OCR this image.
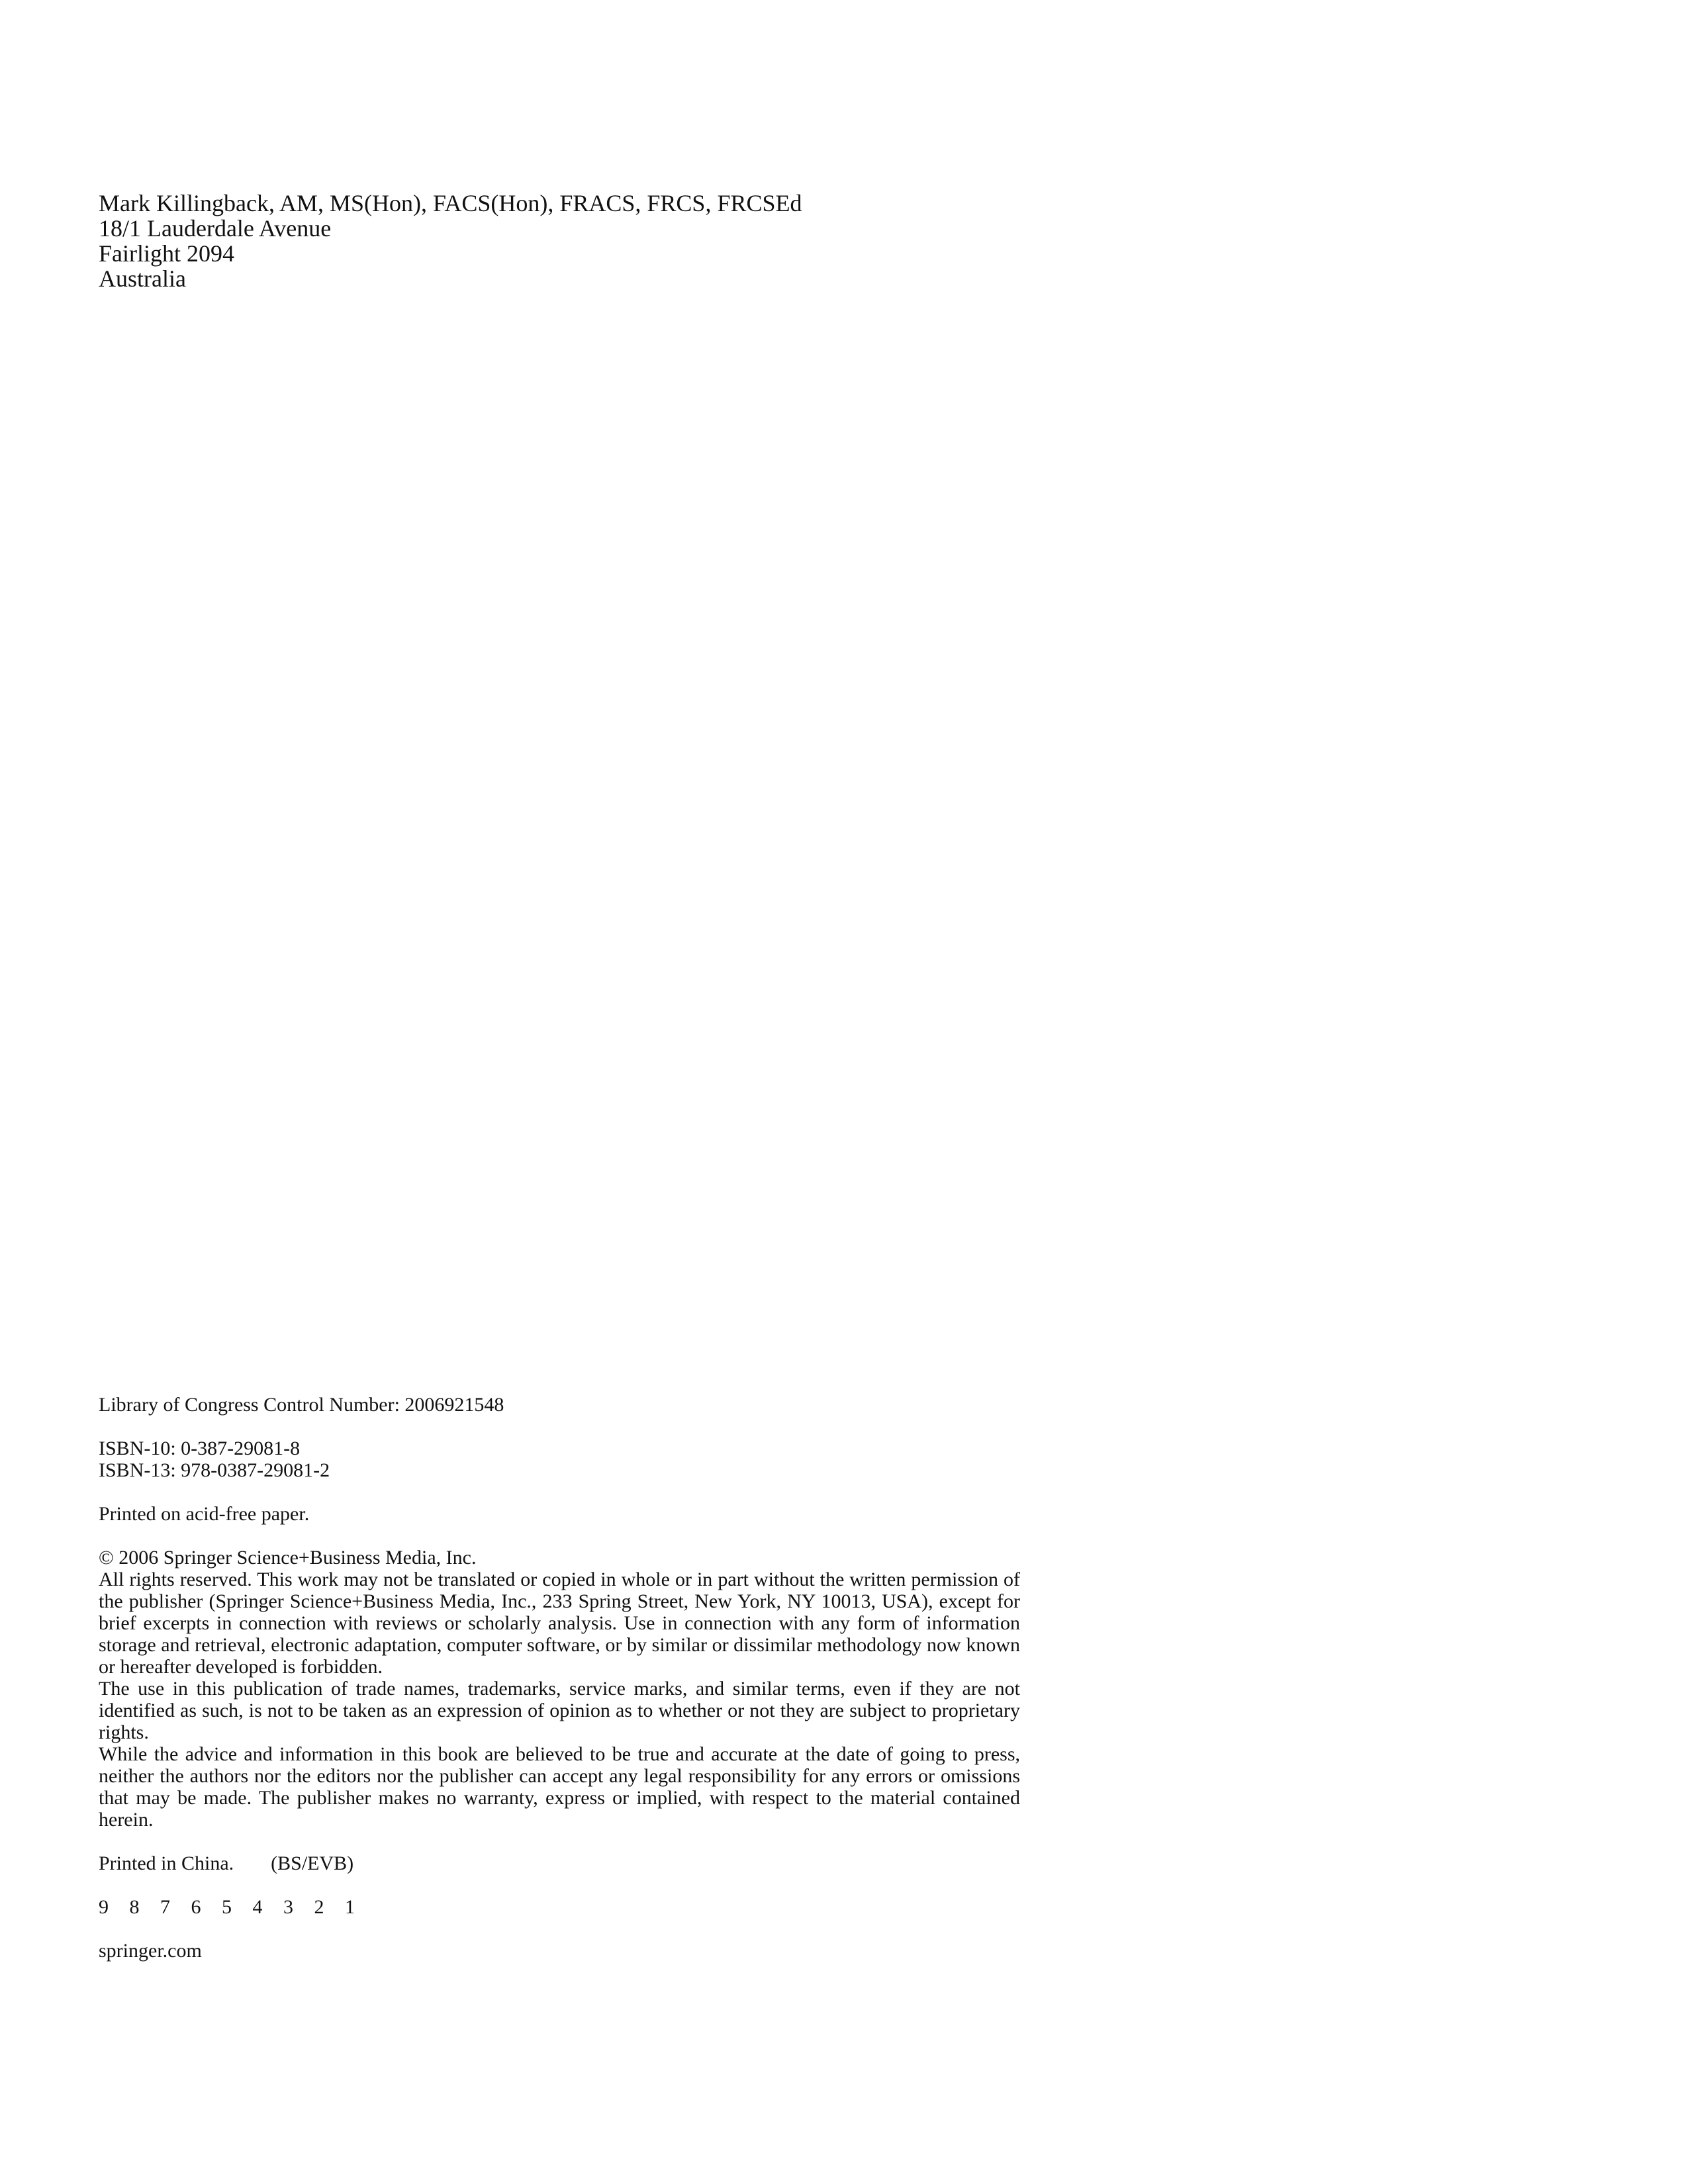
Mark Killingback, AM, MS(Hon), FACS(Hon), FRACS, FRCS, FRCSEd
18/1 Lauderdale Avenue
Fairlight 2094
Australia
Library of Congress Control Number: 2006921548
ISBN-10: 0-387-29081-8
ISBN-13: 978-0387-29081-2
Printed on acid-free paper.
© 2006 Springer Science+Business Media, Inc.
All rights reserved. This work may not be translated or copied in whole or in part without the written permission of the publisher (Springer Science+Business Media, Inc., 233 Spring Street, New York, NY 10013, USA), except for brief excerpts in connection with reviews or scholarly analysis. Use in connection with any form of information storage and retrieval, electronic adaptation, computer software, or by similar or dissimilar methodology now known or hereafter developed is forbidden.
The use in this publication of trade names, trademarks, service marks, and similar terms, even if they are not identified as such, is not to be taken as an expression of opinion as to whether or not they are subject to proprietary rights.
While the advice and information in this book are believed to be true and accurate at the date of going to press, neither the authors nor the editors nor the publisher can accept any legal responsibility for any errors or omissions that may be made. The publisher makes no warranty, express or implied, with respect to the material contained herein.
Printed in China. (BS/EVB)
9 8 7 6 5 4 3 2 1
springer.com
